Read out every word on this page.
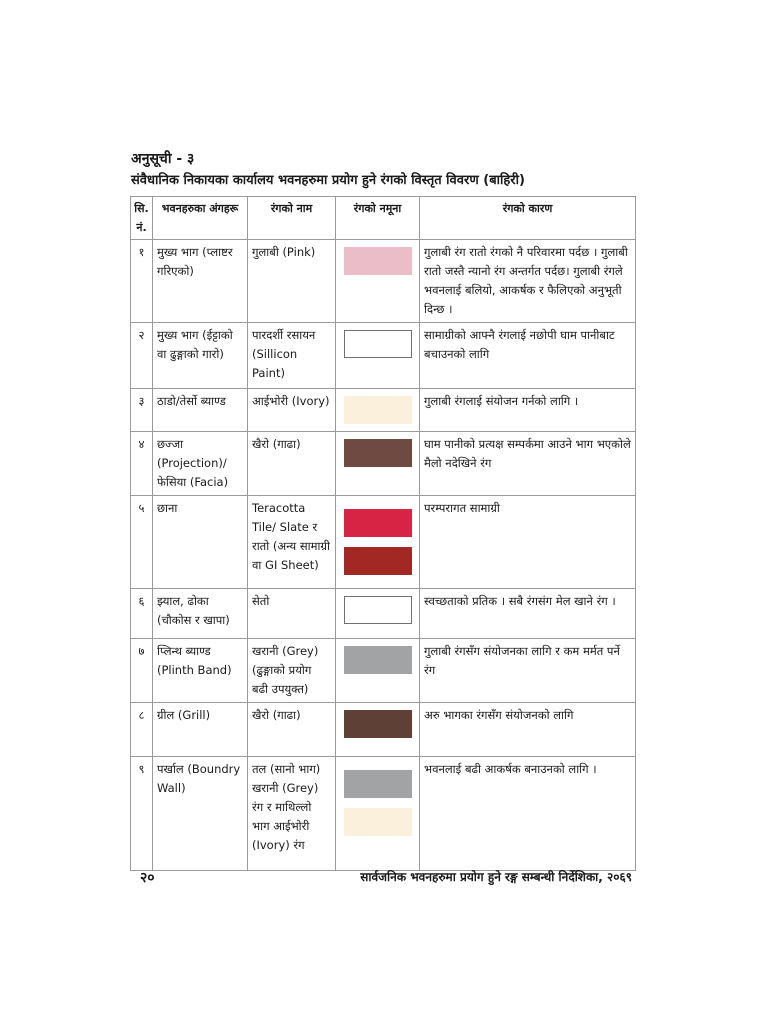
अनुसूची - ३
संवैधानिक निकायका कार्यालय भवनहरुमा प्रयोग हुने रंगको विस्तृत विवरण (बाहिरी)
सि.नं.	भवनहरुका अंगहरू	रंगको नाम	रंगको नमूना	रंगको कारण
१	मुख्य भाग (प्लाष्टर गरिएको)	गुलाबी (Pink)		गुलाबी रंग रातो रंगको नै परिवारमा पर्दछ । गुलाबी रातो जस्तै न्यानो रंग अन्तर्गत पर्दछ। गुलाबी रंगले भवनलाई बलियो, आकर्षक र फैलिएको अनुभूती दिन्छ ।
२	मुख्य भाग (ईट्टाको वा ढुङ्गाको गारो)	पारदर्शी रसायन (Sillicon Paint)		सामाग्रीको आफ्नै रंगलाई नछोपी घाम पानीबाट बचाउनको लागि
३	ठाडो/तेर्सो ब्याण्ड	आईभोरी (Ivory)		गुलाबी रंगलाई संयोजन गर्नको लागि ।
४	छज्जा (Projection)/ फेसिया (Facia)	खैरो (गाढा)		घाम पानीको प्रत्यक्ष सम्पर्कमा आउने भाग भएकोले मैलो नदेखिने रंग
५	छाना	Teracotta Tile/ Slate र रातो (अन्य सामाग्री वा GI Sheet)		परम्परागत सामाग्री
६	झ्याल, ढोका (चौकोस र खापा)	सेतो		स्वच्छताको प्रतिक । सबै रंगसंग मेल खाने रंग ।
७	प्लिन्थ ब्याण्ड (Plinth Band)	खरानी (Grey) (ढुङ्गाको प्रयोग बढी उपयुक्त)		गुलाबी रंगसँग संयोजनका लागि र कम मर्मत पर्ने रंग
८	ग्रील (Grill)	खैरो (गाढा)		अरु भागका रंगसँग संयोजनको लागि
९	पर्खाल (Boundry Wall)	तल (सानो भाग) खरानी (Grey) रंग र माथिल्लो भाग आईभोरी (Ivory) रंग		भवनलाई बढी आकर्षक बनाउनको लागि ।
२०	सार्वजनिक भवनहरुमा प्रयोग हुने रङ्ग सम्बन्धी निर्देशिका, २०६९
